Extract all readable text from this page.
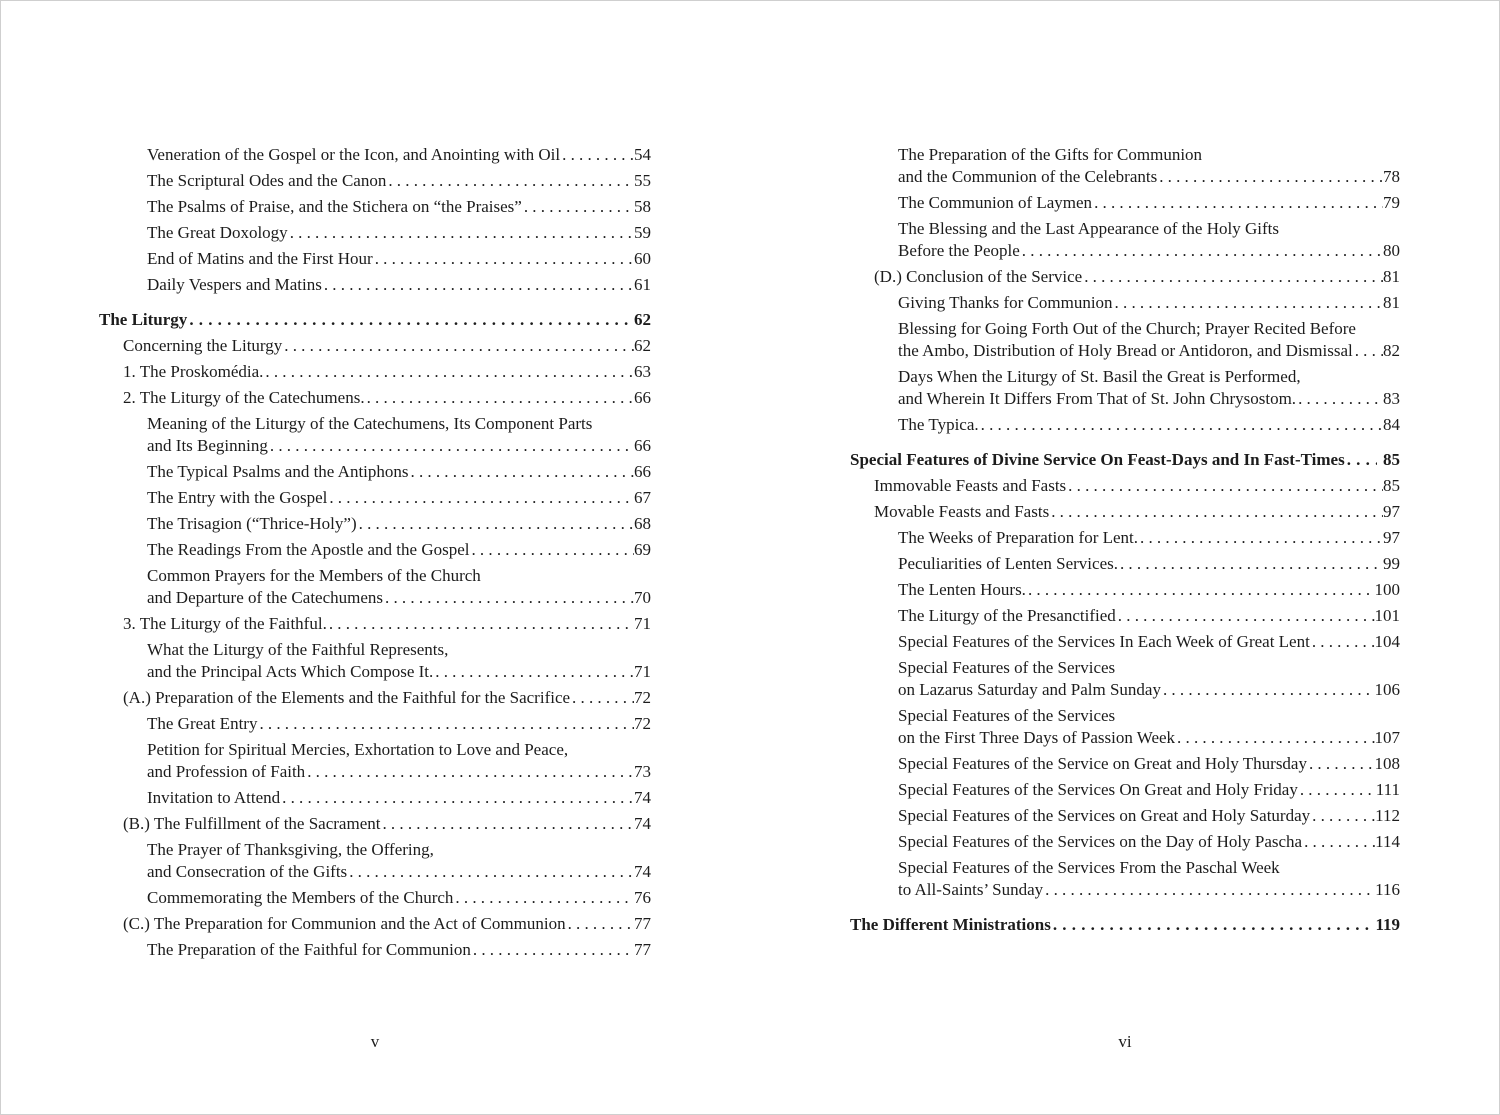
Veneration of the Gospel or the Icon, and Anointing with Oil .....	54
The Scriptural Odes and the Canon .....	55
The Psalms of Praise, and the Stichera on “the Praises” .....	58
The Great Doxology .....	59
End of Matins and the First Hour .....	60
Daily Vespers and Matins .....	61
The Liturgy .....	62
Concerning the Liturgy .....	62
1. The Proskomédia. .....	63
2. The Liturgy of the Catechumens. .....	66
Meaning of the Liturgy of the Catechumens, Its Component Parts
and Its Beginning .....	66
The Typical Psalms and the Antiphons .....	66
The Entry with the Gospel .....	67
The Trisagion (“Thrice-Holy”) .....	68
The Readings From the Apostle and the Gospel .....	69
Common Prayers for the Members of the Church
and Departure of the Catechumens .....	70
3. The Liturgy of the Faithful. .....	71
What the Liturgy of the Faithful Represents,
and the Principal Acts Which Compose It. .....	71
(A.) Preparation of the Elements and the Faithful for the Sacrifice .....	72
The Great Entry .....	72
Petition for Spiritual Mercies, Exhortation to Love and Peace,
and Profession of Faith .....	73
Invitation to Attend .....	74
(B.) The Fulfillment of the Sacrament .....	74
The Prayer of Thanksgiving, the Offering,
and Consecration of the Gifts .....	74
Commemorating the Members of the Church .....	76
(C.) The Preparation for Communion and the Act of Communion .....	77
The Preparation of the Faithful for Communion .....	77
v
The Preparation of the Gifts for Communion
and the Communion of the Celebrants .....	78
The Communion of Laymen .....	79
The Blessing and the Last Appearance of the Holy Gifts
Before the People .....	80
(D.) Conclusion of the Service .....	81
Giving Thanks for Communion .....	81
Blessing for Going Forth Out of the Church; Prayer Recited Before
the Ambo, Distribution of Holy Bread or Antidoron, and Dismissal ..... 82
Days When the Liturgy of St. Basil the Great is Performed,
and Wherein It Differs From That of St. John Chrysostom. .....	83
The Typica. .....	84
Special Features of Divine Service On Feast-Days and In Fast-Times ..... 85
Immovable Feasts and Fasts .....	85
Movable Feasts and Fasts .....	97
The Weeks of Preparation for Lent. .....	97
Peculiarities of Lenten Services. .....	99
The Lenten Hours. .....	100
The Liturgy of the Presanctified .....	101
Special Features of the Services In Each Week of Great Lent .....	104
Special Features of the Services
on Lazarus Saturday and Palm Sunday .....	106
Special Features of the Services
on the First Three Days of Passion Week .....	107
Special Features of the Service on Great and Holy Thursday .....	108
Special Features of the Services On Great and Holy Friday .....	111
Special Features of the Services on Great and Holy Saturday .....	112
Special Features of the Services on the Day of Holy Pascha .....	114
Special Features of the Services From the Paschal Week
to All-Saints’ Sunday .....	116
The Different Ministrations .....	119
vi
